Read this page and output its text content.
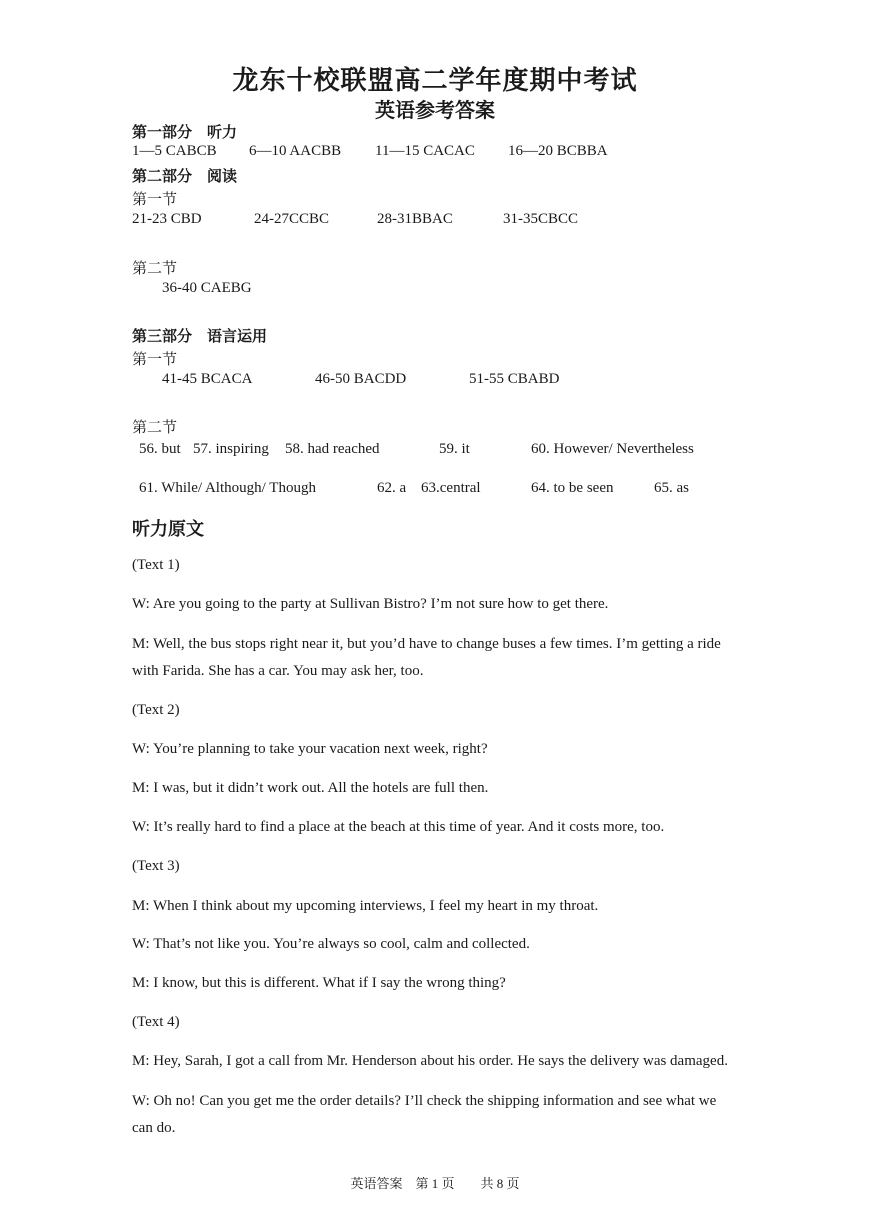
龙东十校联盟高二学年度期中考试
英语参考答案
第一部分　听力
1—5 CABCB 6—10 AACBB 11—15 CACAC 16—20 BCBBA
第二部分　阅读
第一节
21-23 CBD	24-27CCBC	28-31BBAC	31-35CBCC
第二节
36-40 CAEBG
第三部分　语言运用
第一节
41-45 BCACA	46-50 BACDD	51-55 CBABD
第二节
56. but 57. inspiring 58. had reached	59. it	60. However/ Nevertheless
61. While/ Although/ Though	62. a 63.central	64. to be seen	65. as
听力原文
(Text 1)
W: Are you going to the party at Sullivan Bistro? I’m not sure how to get there.
M: Well, the bus stops right near it, but you’d have to change buses a few times. I’m getting a ride
with Farida. She has a car. You may ask her, too.
(Text 2)
W: You’re planning to take your vacation next week, right?
M: I was, but it didn’t work out. All the hotels are full then.
W: It’s really hard to find a place at the beach at this time of year. And it costs more, too.
(Text 3)
M: When I think about my upcoming interviews, I feel my heart in my throat.
W: That’s not like you. You’re always so cool, calm and collected.
M: I know, but this is different. What if I say the wrong thing?
(Text 4)
M: Hey, Sarah, I got a call from Mr. Henderson about his order. He says the delivery was damaged.
W: Oh no! Can you get me the order details? I’ll check the shipping information and see what we
can do.
英语答案　第 1 页　　共 8 页
